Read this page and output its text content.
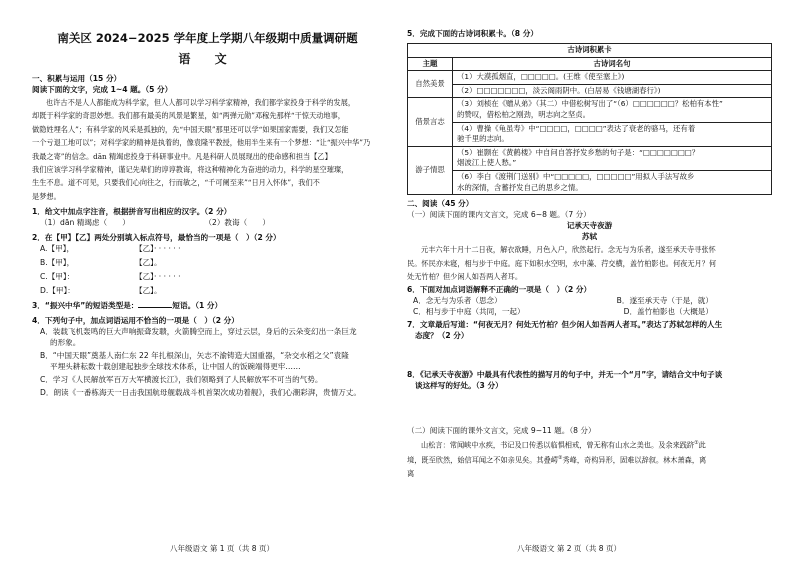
南关区 2024−2025 学年度上学期八年级期中质量调研题

语 文

一、积累与运用（15 分）

阅读下面的文字，完成 1~4 题。（5 分）

也许古不是人人都能成为科学家，但人人都可以学习科学家精神，我们都学家投身于科学的发展，

却既于科学家的奇思妙想。我们都有最美的风景是繁星，如“两弹元勋”邓稼先那样“干惊天动地事，

做隐姓埋名人”；有科学家的风采是孤独的，先“中国天眼”那里还可以学“如果国家需要，我们又怎能

一个亏退工地可以”；对科学家的精神是执着的，像袁隆平教授，他用半生来有一个梦想：“让“振兴中华”乃

我最之寄”的信念。dān 精竭虑投身于科研事业中。凡是科研人员展现出的使命感和担当【乙】

我们应该学习科学家精神，谨记先辈们的谆谆教诲，将这种精神化为奋进的动力，科学的星空璀璨，

生生不息。道不可见，只要我们心向往之，行而敏之，“千可阑至来”“日月入怀体”，我们不

是梦想。

1．给文中加点字注音，根据拼音写出相应的汉字。（2 分）

（1）dān 精竭虑（　　）	（2）教诲（　　）

2．在【甲】【乙】两处分别填入标点符号，最恰当的一项是（　）（2 分）

A.【甲】，	【乙】· · · · · ·

B.【甲】，	【乙】。

C.【甲】：	【乙】· · · · · ·

D.【甲】：	【乙】。

3．“振兴中华”的短语类型是：	短语。（1 分）

4．下列句子中，加点词语运用不恰当的一项是（　）（2 分）

A．装载飞机轰鸣的巨大声响振聋发聩，火箭腾空而上，穿过云层，身后的云朵变幻出一条巨龙

的形象。

B．“中国天眼”奠基人南仁东 22 年扎根深山，矢志不渝铸造大国重器，“杂交水稻之父”袁隆

平埋头耕耘数十载创建起独步全球技术体系，让中国人的饭碗端得更牢……

C．学习《人民解放军百万大军横渡长江》，我们领略到了人民解放军不可当的气势。

D．朗读《一番栋海天一日击我国航母舰载战斗机首架次成功着舰》，我们心潮彩湃，贵情万丈。

八年级语文 第 1 页（共 8 页）

5．完成下面的古诗词积累卡。（8 分）

古诗词积累卡	
主题	古诗词名句
自然美景	（1）大漠孤烟直，□□□□□。(王维《使至塞上》)
	（2）□□□□□□□，淡云阁雨阴中。(白居易《钱塘湖春行》)
借景言志	（3）刘桢在《赠从弟》（其二）中借松树写出了“（6）□□□□□□？松柏有本性”
的赞叹，借松柏之刚劲，明志向之坚贞。

	（4）曹操《龟虽寿》中“□□□□，□□□□”表达了衰老的骆马，还有着
驰千里的志向。

游子情思	（5）崔颢在《黄鹤楼》中自问自答抒发乡愁的句子是：“□□□□□□□？
烟波江上使人愁。”

	（6）李白《渡荆门送别》中“□□□□□，□□□□□”用拟人手法写故乡
水的深情，含蓄抒发自己的思乡之情。

二、阅读（45 分）

（一）阅读下面的课内文言文，完成 6~8 题。（7 分）

记承天寺夜游

苏轼

元丰六年十月十二日夜，解衣欲睡，月色入户，欣然起行。念无与为乐者，遂至承天寺寻张怀

民。怀民亦未寝，相与步于中庭。庭下如积水空明，水中藻、荇交横，盖竹柏影也。何夜无月？何

处无竹柏？但少闲人如吾两人者耳。

6．下面对加点词语解释不正确的一项是（　）（2 分）

A．念无与为乐者（思念）	B．遂至承天寺（于是，就）

C．相与步于中庭（共同，一起）	D．盖竹柏影也（大概是）

7．文章最后写道：“何夜无月？何处无竹柏？但少闲人如吾两人者耳。”表达了苏轼怎样的人生

态度？（2 分）

8．《记承天寺夜游》中最具有代表性的描写月的句子中，并无一个“月”字，请结合文中句子谈

谈这样写的好处。（3 分）

（二）阅读下面的课外文言文，完成 9~11 题。（8 分）

山松言：常闻峡中水疾，书记及口传悉以临惧相戒，曾无称有山水之美也。及余来践跻①此

境，既至欣然，始信耳闻之不如亲见矣。其叠崿②秀峰，奇构异形，固难以辞叙。林木萧森，离

离

八年级语文 第 2 页（共 8 页）
